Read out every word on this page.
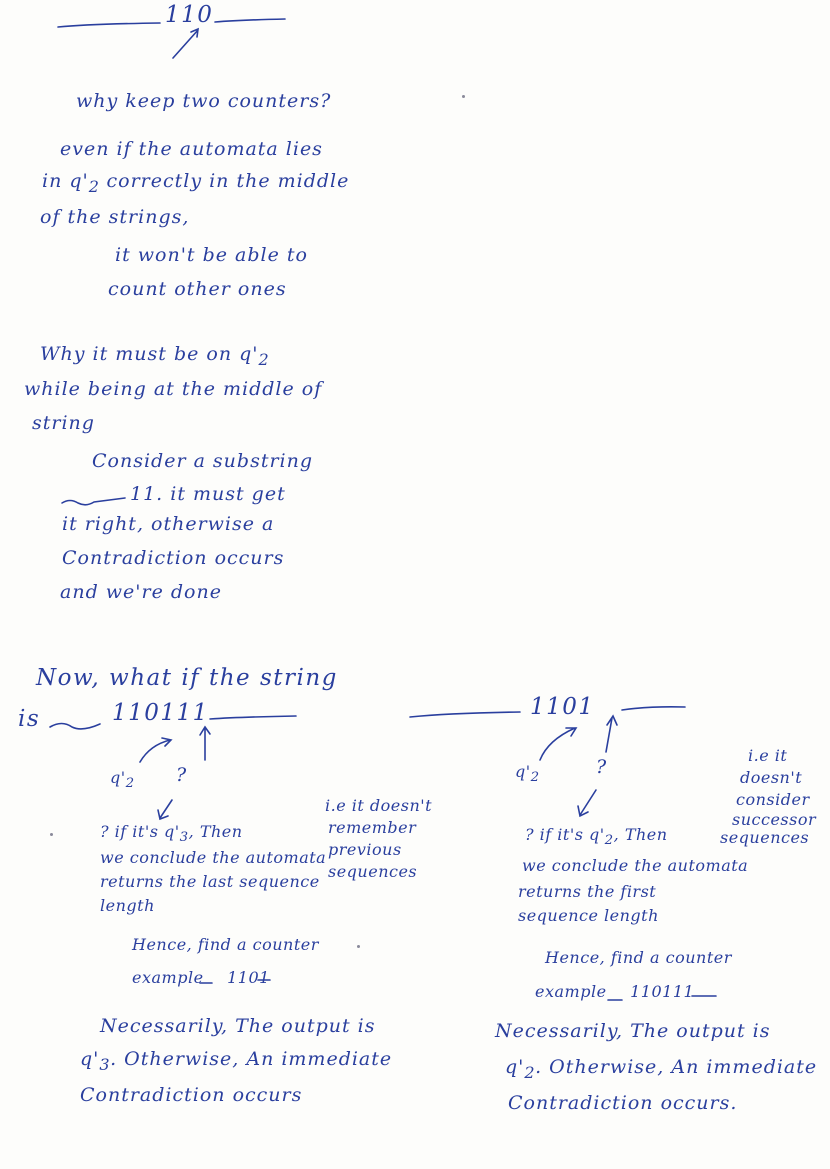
110
why keep two counters?
even if the automata lies
in $q'_2$ correctly in the middle
of the strings,
it won't be able to
count other ones
Why it must be on $q'_2$
while being at the middle of
string
Consider a substring
11. it must get
it right, otherwise a
Contradiction occurs
and we're done
Now, what if the string
is	110111
$q'_2$ ?
? if it's $q'_3$, Then
we conclude the automata
returns the last sequence
length
i.e it doesn't
remember
previous
sequences
Hence, find a counter
example 1101
Necessarily, The output is
$q'_3$. Otherwise, An immediate
Contradiction occurs
1101
$q'_2$	?
i.e it
doesn't
consider
successor
sequences
? if it's $q'_2$, Then
we conclude the automata
returns the first
sequence length
Hence, find a counter
example 110111
Necessarily, The output is
$q'_2$. Otherwise, An immediate
Contradiction occurs.
